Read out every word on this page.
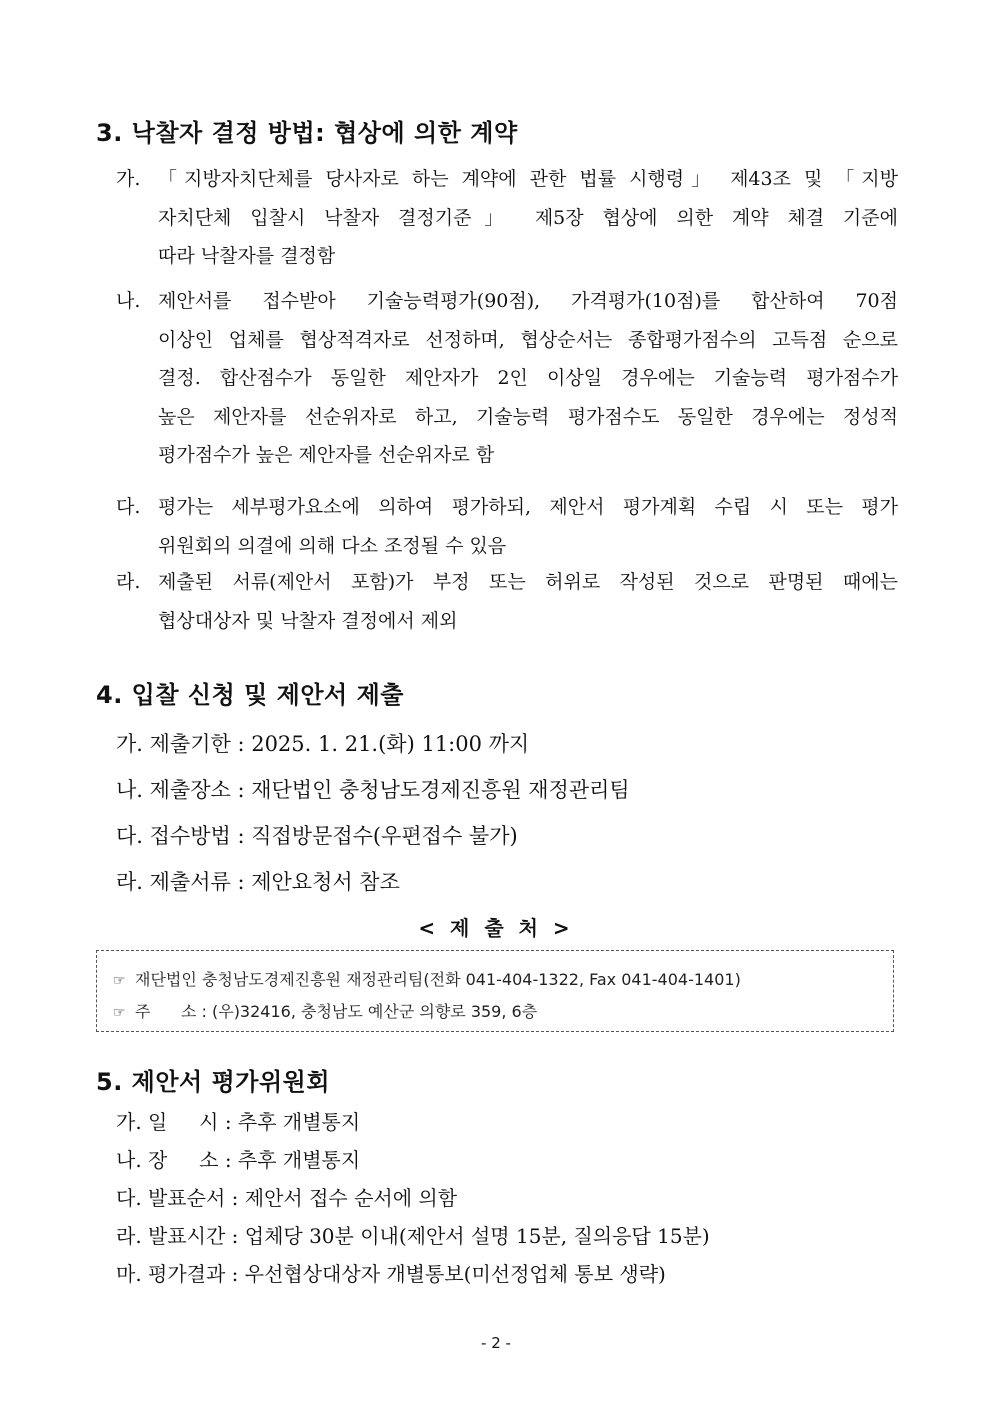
3. 낙찰자 결정 방법: 협상에 의한 계약
가. 「지방자치단체를 당사자로 하는 계약에 관한 법률 시행령」 제43조 및 「지방
자치단체 입찰시 낙찰자 결정기준」 제5장 협상에 의한 계약 체결 기준에
따라 낙찰자를 결정함
나. 제안서를 접수받아 기술능력평가(90점), 가격평가(10점)를 합산하여 70점
이상인 업체를 협상적격자로 선정하며, 협상순서는 종합평가점수의 고득점 순으로
결정. 합산점수가 동일한 제안자가 2인 이상일 경우에는 기술능력 평가점수가
높은 제안자를 선순위자로 하고, 기술능력 평가점수도 동일한 경우에는 정성적
평가점수가 높은 제안자를 선순위자로 함
다. 평가는 세부평가요소에 의하여 평가하되, 제안서 평가계획 수립 시 또는 평가
위원회의 의결에 의해 다소 조정될 수 있음
라. 제출된 서류(제안서 포함)가 부정 또는 허위로 작성된 것으로 판명된 때에는
협상대상자 및 낙찰자 결정에서 제외
4. 입찰 신청 및 제안서 제출
가. 제출기한 : 2025. 1. 21.(화) 11:00 까지
나. 제출장소 : 재단법인 충청남도경제진흥원 재정관리팀
다. 접수방법 : 직접방문접수(우편접수 불가)
라. 제출서류 : 제안요청서 참조
< 제 출 처 >
☞ 재단법인 충청남도경제진흥원 재정관리팀(전화 041-404-1322, Fax 041-404-1401)
☞ 주      소 : (우)32416, 충청남도 예산군 의향로 359, 6층
5. 제안서 평가위원회
가. 일     시 : 추후 개별통지
나. 장     소 : 추후 개별통지
다. 발표순서 : 제안서 접수 순서에 의함
라. 발표시간 : 업체당 30분 이내(제안서 설명 15분, 질의응답 15분)
마. 평가결과 : 우선협상대상자 개별통보(미선정업체 통보 생략)
- 2 -
